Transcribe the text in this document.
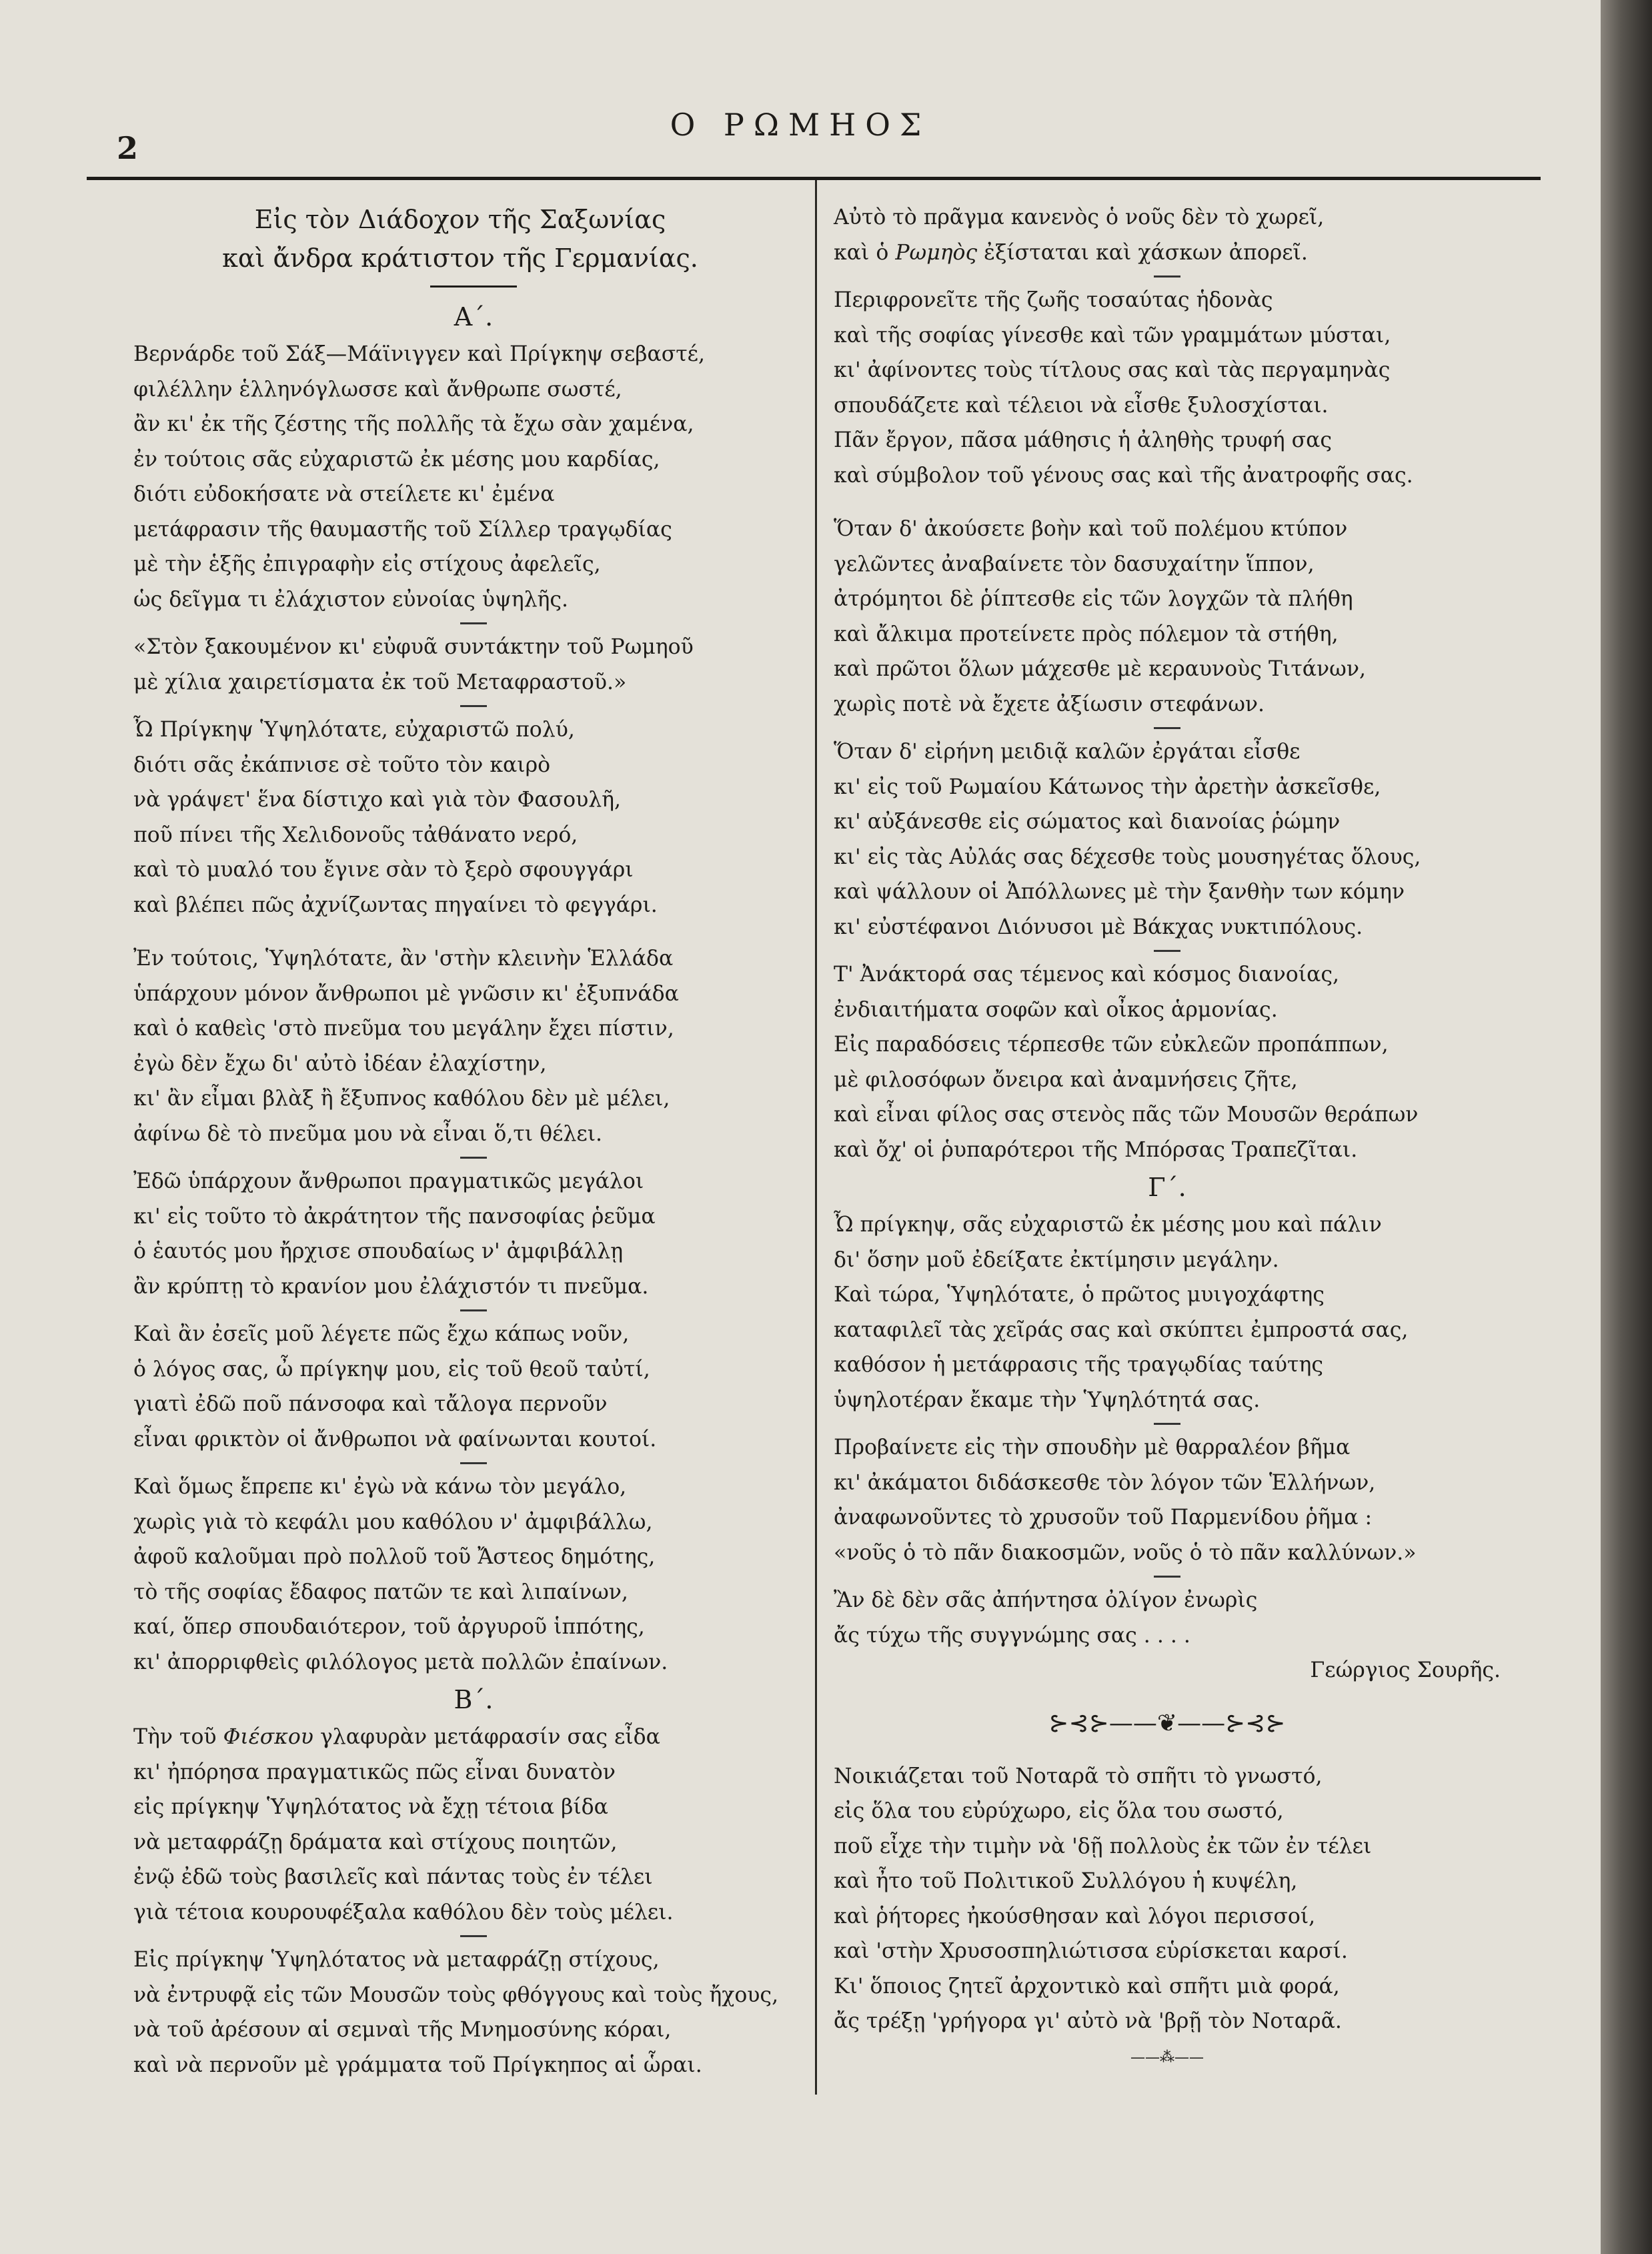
2
Ο ΡΩΜΗΟΣ
Εἰς τὸν Διάδοχον τῆς Σαξωνίας
καὶ ἄνδρα κράτιστον τῆς Γερμανίας.
Α΄.
Βερνάρδε τοῦ Σάξ—Μάϊνιγγεν καὶ Πρίγκηψ σεβαστέ,
φιλέλλην ἑλληνόγλωσσε καὶ ἄνθρωπε σωστέ,
ἂν κι' ἐκ τῆς ζέστης τῆς πολλῆς τὰ ἔχω σὰν χαμένα,
ἐν τούτοις σᾶς εὐχαριστῶ ἐκ μέσης μου καρδίας,
διότι εὐδοκήσατε νὰ στείλετε κι' ἐμένα
μετάφρασιν τῆς θαυμαστῆς τοῦ Σίλλερ τραγῳδίας
μὲ τὴν ἑξῆς ἐπιγραφὴν εἰς στίχους ἀφελεῖς,
ὡς δεῖγμα τι ἐλάχιστον εὐνοίας ὑψηλῆς.
«Στὸν ξακουμένον κι' εὐφυᾶ συντάκτην τοῦ Ρωμηοῦ
μὲ χίλια χαιρετίσματα ἐκ τοῦ Μεταφραστοῦ.»
Ὦ Πρίγκηψ Ὑψηλότατε, εὐχαριστῶ πολύ,
διότι σᾶς ἐκάπνισε σὲ τοῦτο τὸν καιρὸ
νὰ γράψετ' ἕνα δίστιχο καὶ γιὰ τὸν Φασουλῆ,
ποῦ πίνει τῆς Χελιδονοῦς τἀθάνατο νερό,
καὶ τὸ μυαλό του ἔγινε σὰν τὸ ξερὸ σφουγγάρι
καὶ βλέπει πῶς ἀχνίζωντας πηγαίνει τὸ φεγγάρι.
Ἐν τούτοις, Ὑψηλότατε, ἂν 'στὴν κλεινὴν Ἑλλάδα
ὑπάρχουν μόνον ἄνθρωποι μὲ γνῶσιν κι' ἐξυπνάδα
καὶ ὁ καθεὶς 'στὸ πνεῦμα του μεγάλην ἔχει πίστιν,
ἐγὼ δὲν ἔχω δι' αὐτὸ ἰδέαν ἐλαχίστην,
κι' ἂν εἶμαι βλὰξ ἢ ἔξυπνος καθόλου δὲν μὲ μέλει,
ἀφίνω δὲ τὸ πνεῦμα μου νὰ εἶναι ὅ,τι θέλει.
Ἐδῶ ὑπάρχουν ἄνθρωποι πραγματικῶς μεγάλοι
κι' εἰς τοῦτο τὸ ἀκράτητον τῆς πανσοφίας ῥεῦμα
ὁ ἑαυτός μου ἤρχισε σπουδαίως ν' ἀμφιβάλλῃ
ἂν κρύπτῃ τὸ κρανίον μου ἐλάχιστόν τι πνεῦμα.
Καὶ ἂν ἐσεῖς μοῦ λέγετε πῶς ἔχω κάπως νοῦν,
ὁ λόγος σας, ὦ πρίγκηψ μου, εἰς τοῦ θεοῦ ταὐτί,
γιατὶ ἐδῶ ποῦ πάνσοφα καὶ τἄλογα περνοῦν
εἶναι φρικτὸν οἱ ἄνθρωποι νὰ φαίνωνται κουτοί.
Καὶ ὅμως ἔπρεπε κι' ἐγὼ νὰ κάνω τὸν μεγάλο,
χωρὶς γιὰ τὸ κεφάλι μου καθόλου ν' ἀμφιβάλλω,
ἀφοῦ καλοῦμαι πρὸ πολλοῦ τοῦ Ἄστεος δημότης,
τὸ τῆς σοφίας ἔδαφος πατῶν τε καὶ λιπαίνων,
καί, ὅπερ σπουδαιότερον, τοῦ ἀργυροῦ ἱππότης,
κι' ἀπορριφθεὶς φιλόλογος μετὰ πολλῶν ἐπαίνων.
Β΄.
Τὴν τοῦ Φιέσκου γλαφυρὰν μετάφρασίν σας εἶδα
κι' ἠπόρησα πραγματικῶς πῶς εἶναι δυνατὸν
εἰς πρίγκηψ Ὑψηλότατος νὰ ἔχῃ τέτοια βίδα
νὰ μεταφράζῃ δράματα καὶ στίχους ποιητῶν,
ἐνῷ ἐδῶ τοὺς βασιλεῖς καὶ πάντας τοὺς ἐν τέλει
γιὰ τέτοια κουρουφέξαλα καθόλου δὲν τοὺς μέλει.
Εἰς πρίγκηψ Ὑψηλότατος νὰ μεταφράζῃ στίχους,
νὰ ἐντρυφᾷ εἰς τῶν Μουσῶν τοὺς φθόγγους καὶ τοὺς ἤχους,
νὰ τοῦ ἀρέσουν αἱ σεμναὶ τῆς Μνημοσύνης κόραι,
καὶ νὰ περνοῦν μὲ γράμματα τοῦ Πρίγκηπος αἱ ὧραι.
Αὐτὸ τὸ πρᾶγμα κανενὸς ὁ νοῦς δὲν τὸ χωρεῖ,
καὶ ὁ Ρωμηὸς ἐξίσταται καὶ χάσκων ἀπορεῖ.
Περιφρονεῖτε τῆς ζωῆς τοσαύτας ἡδονὰς
καὶ τῆς σοφίας γίνεσθε καὶ τῶν γραμμάτων μύσται,
κι' ἀφίνοντες τοὺς τίτλους σας καὶ τὰς περγαμηνὰς
σπουδάζετε καὶ τέλειοι νὰ εἶσθε ξυλοσχίσται.
Πᾶν ἔργον, πᾶσα μάθησις ἡ ἀληθὴς τρυφή σας
καὶ σύμβολον τοῦ γένους σας καὶ τῆς ἀνατροφῆς σας.
Ὅταν δ' ἀκούσετε βοὴν καὶ τοῦ πολέμου κτύπον
γελῶντες ἀναβαίνετε τὸν δασυχαίτην ἵππον,
ἀτρόμητοι δὲ ῥίπτεσθε εἰς τῶν λογχῶν τὰ πλήθη
καὶ ἄλκιμα προτείνετε πρὸς πόλεμον τὰ στήθη,
καὶ πρῶτοι ὅλων μάχεσθε μὲ κεραυνοὺς Τιτάνων,
χωρὶς ποτὲ νὰ ἔχετε ἀξίωσιν στεφάνων.
Ὅταν δ' εἰρήνη μειδιᾷ καλῶν ἐργάται εἶσθε
κι' εἰς τοῦ Ρωμαίου Κάτωνος τὴν ἀρετὴν ἀσκεῖσθε,
κι' αὐξάνεσθε εἰς σώματος καὶ διανοίας ῥώμην
κι' εἰς τὰς Αὐλάς σας δέχεσθε τοὺς μουσηγέτας ὅλους,
καὶ ψάλλουν οἱ Ἀπόλλωνες μὲ τὴν ξανθὴν των κόμην
κι' εὐστέφανοι Διόνυσοι μὲ Βάκχας νυκτιπόλους.
Τ' Ἀνάκτορά σας τέμενος καὶ κόσμος διανοίας,
ἐνδιαιτήματα σοφῶν καὶ οἶκος ἁρμονίας.
Εἰς παραδόσεις τέρπεσθε τῶν εὐκλεῶν προπάππων,
μὲ φιλοσόφων ὄνειρα καὶ ἀναμνήσεις ζῆτε,
καὶ εἶναι φίλος σας στενὸς πᾶς τῶν Μουσῶν θεράπων
καὶ ὄχ' οἱ ῥυπαρότεροι τῆς Μπόρσας Τραπεζῖται.
Γ΄.
Ὦ πρίγκηψ, σᾶς εὐχαριστῶ ἐκ μέσης μου καὶ πάλιν
δι' ὅσην μοῦ ἐδείξατε ἐκτίμησιν μεγάλην.
Καὶ τώρα, Ὑψηλότατε, ὁ πρῶτος μυιγοχάφτης
καταφιλεῖ τὰς χεῖράς σας καὶ σκύπτει ἐμπροστά σας,
καθόσον ἡ μετάφρασις τῆς τραγῳδίας ταύτης
ὑψηλοτέραν ἔκαμε τὴν Ὑψηλότητά σας.
Προβαίνετε εἰς τὴν σπουδὴν μὲ θαρραλέον βῆμα
κι' ἀκάματοι διδάσκεσθε τὸν λόγον τῶν Ἑλλήνων,
ἀναφωνοῦντες τὸ χρυσοῦν τοῦ Παρμενίδου ῥῆμα :
«νοῦς ὁ τὸ πᾶν διακοσμῶν, νοῦς ὁ τὸ πᾶν καλλύνων.»
Ἂν δὲ δὲν σᾶς ἀπήντησα ὀλίγον ἐνωρὶς
ἄς τύχω τῆς συγγνώμης σας . . . .
Γεώργιος Σουρῆς.
⊱⊰⊱——❦——⊱⊰⊱
Νοικιάζεται τοῦ Νοταρᾶ τὸ σπῆτι τὸ γνωστό,
εἰς ὅλα του εὐρύχωρο, εἰς ὅλα του σωστό,
ποῦ εἶχε τὴν τιμὴν νὰ 'δῇ πολλοὺς ἐκ τῶν ἐν τέλει
καὶ ἦτο τοῦ Πολιτικοῦ Συλλόγου ἡ κυψέλη,
καὶ ῥήτορες ἠκούσθησαν καὶ λόγοι περισσοί,
καὶ 'στὴν Χρυσοσπηλιώτισσα εὑρίσκεται καρσί.
Κι' ὅποιος ζητεῖ ἀρχοντικὸ καὶ σπῆτι μιὰ φορά,
ἄς τρέξῃ 'γρήγορα γι' αὐτὸ νὰ 'βρῇ τὸν Νοταρᾶ.
——⁂——
